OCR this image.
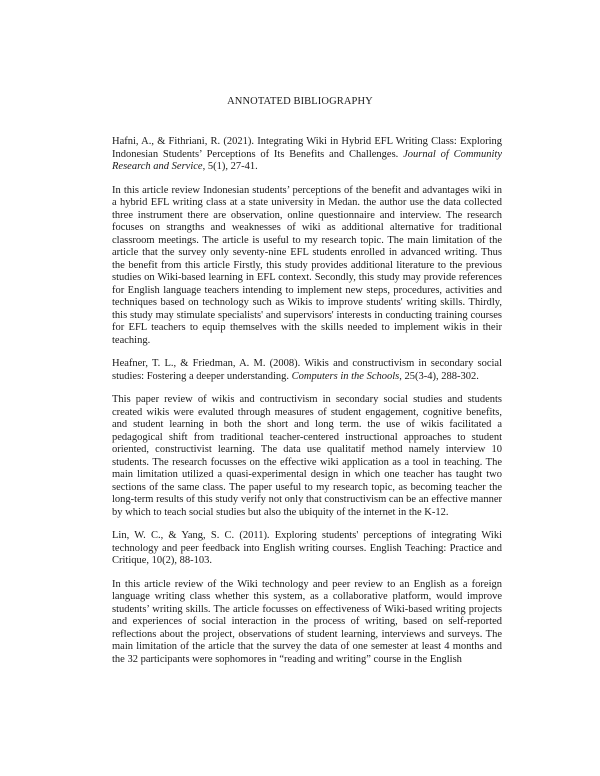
ANNOTATED BIBLIOGRAPHY

Hafni, A., & Fithriani, R. (2021). Integrating Wiki in Hybrid EFL Writing Class: Exploring Indonesian Students’ Perceptions of Its Benefits and Challenges. Journal of Community Research and Service, 5(1), 27-41.

In this article review Indonesian students’ perceptions of the benefit and advantages wiki in a hybrid EFL writing class at a state university in Medan. the author use the data collected three instrument there are observation, online questionnaire and interview. The research focuses on strangths and weaknesses of wiki as additional alternative for traditional classroom meetings. The article is useful to my research topic. The main limitation of the article that the survey only seventy-nine EFL students enrolled in advanced writing. Thus the benefit from this article Firstly, this study provides additional literature to the previous studies on Wiki-based learning in EFL context. Secondly, this study may provide references for English language teachers intending to implement new steps, procedures, activities and techniques based on technology such as Wikis to improve students' writing skills. Thirdly, this study may stimulate specialists' and supervisors' interests in conducting training courses for EFL teachers to equip themselves with the skills needed to implement wikis in their teaching.

Heafner, T. L., & Friedman, A. M. (2008). Wikis and constructivism in secondary social studies: Fostering a deeper understanding. Computers in the Schools, 25(3-4), 288-302.

This paper review of wikis and contructivism in secondary social studies and students created wikis were evaluted through measures of student engagement, cognitive benefits, and student learning in both the short and long term. the use of wikis facilitated a pedagogical shift from traditional teacher-centered instructional approaches to student oriented, constructivist learning. The data use qualitatif method namely interview 10 students. The research focusses on the effective wiki application as a tool in teaching. The main limitation utilized a quasi-experimental design in which one teacher has taught two sections of the same class. The paper useful to my research topic, as becoming teacher the long-term results of this study verify not only that constructivism can be an effective manner by which to teach social studies but also the ubiquity of the internet in the K-12.

Lin, W. C., & Yang, S. C. (2011). Exploring students' perceptions of integrating Wiki technology and peer feedback into English writing courses. English Teaching: Practice and Critique, 10(2), 88-103.

In this article review of the Wiki technology and peer review to an English as a foreign language writing class whether this system, as a collaborative platform, would improve students’ writing skills. The article focusses on effectiveness of Wiki-based writing projects and experiences of social interaction in the process of writing, based on self-reported reflections about the project, observations of student learning, interviews and surveys. The main limitation of the article that the survey the data of one semester at least 4 months and the 32 participants were sophomores in “reading and writing” course in the English
